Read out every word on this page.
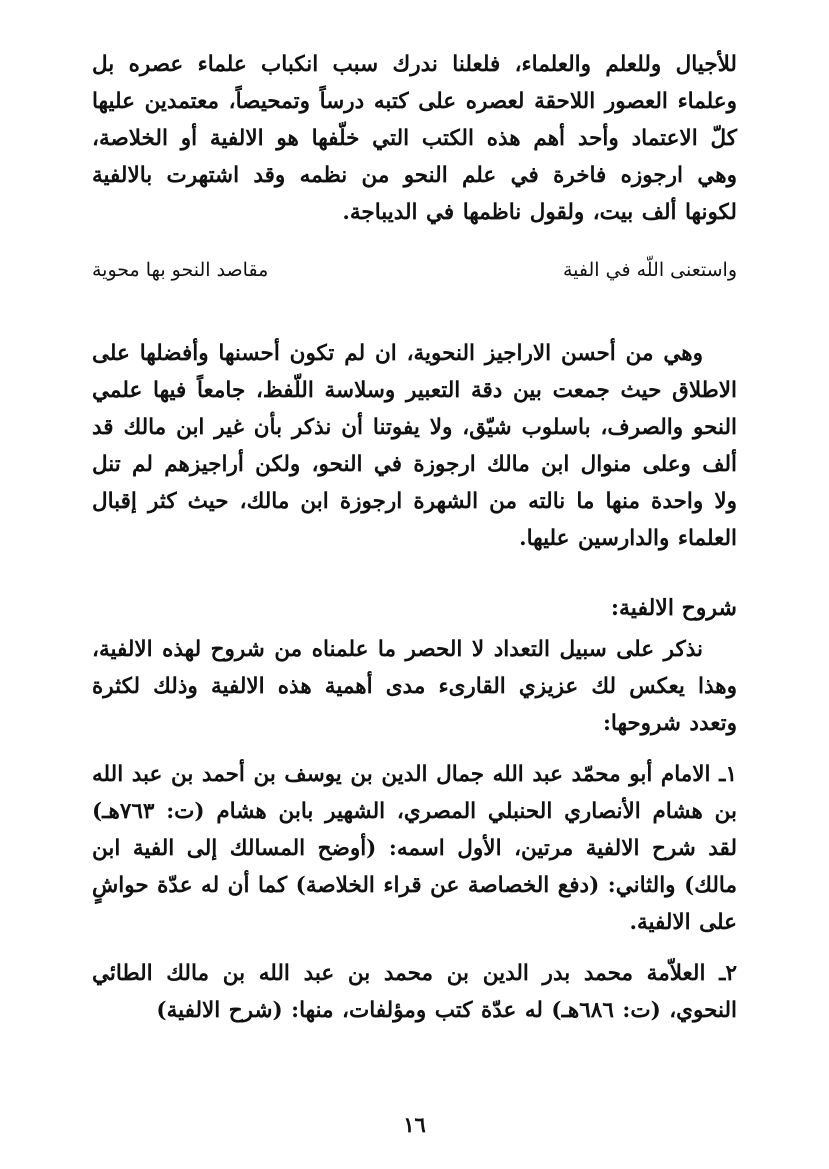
للأجيال وللعلم والعلماء، فلعلنا ندرك سبب انكباب علماء عصره بل وعلماء العصور اللاحقة لعصره على كتبه درساً وتمحيصاً، معتمدين عليها كلّ الاعتماد وأحد أهم هذه الكتب التي خلّفها هو الالفية أو الخلاصة، وهي ارجوزه فاخرة في علم النحو من نظمه وقد اشتهرت بالالفية لكونها ألف بيت، ولقول ناظمها في الديباجة.

واستعنى اللّه في الفية
مقاصد النحو بها محوية

وهي من أحسن الاراجيز النحوية، ان لم تكون أحسنها وأفضلها على الاطلاق حيث جمعت بين دقة التعبير وسلاسة اللّفظ، جامعاً فيها علمي النحو والصرف، باسلوب شيّق، ولا يفوتنا أن نذكر بأن غير ابن مالك قد ألف وعلى منوال ابن مالك ارجوزة في النحو، ولكن أراجيزهم لم تنل ولا واحدة منها ما نالته من الشهرة ارجوزة ابن مالك، حيث كثر إقبال العلماء والدارسين عليها.

شروح الالفية:

نذكر على سبيل التعداد لا الحصر ما علمناه من شروح لهذه الالفية، وهذا يعكس لك عزيزي القارىء مدى أهمية هذه الالفية وذلك لكثرة وتعدد شروحها:

١ـ الامام أبو محمّد عبد الله جمال الدين بن يوسف بن أحمد بن عبد الله بن هشام الأنصاري الحنبلي المصري، الشهير بابن هشام (ت: ٧٦٣هـ) لقد شرح الالفية مرتين، الأول اسمه: (أوضح المسالك إلى الفية ابن مالك) والثاني: (دفع الخصاصة عن قراء الخلاصة) كما أن له عدّة حواشٍ على الالفية.

٢ـ العلاّمة محمد بدر الدين بن محمد بن عبد الله بن مالك الطائي النحوي، (ت: ٦٨٦هـ) له عدّة كتب ومؤلفات، منها: (شرح الالفية)

١٦
